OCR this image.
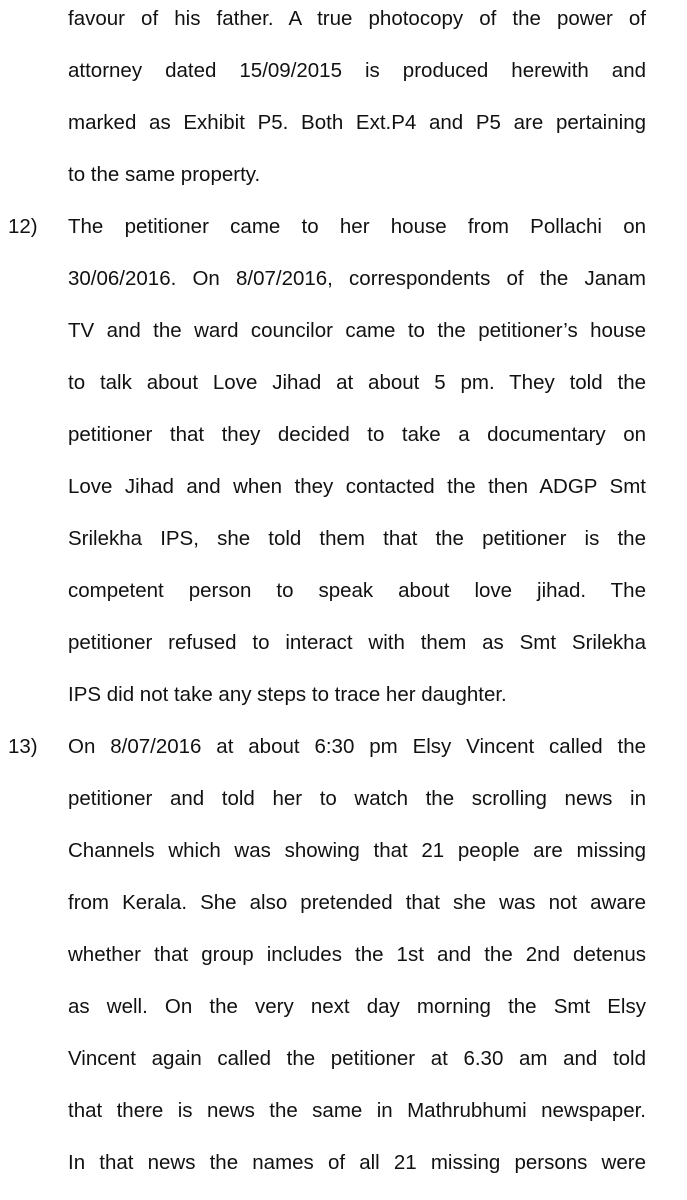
favour of his father. A true photocopy of the power of
attorney dated 15/09/2015 is produced herewith and
marked as Exhibit P5. Both Ext.P4 and P5 are pertaining
to the same property.
12)	The petitioner came to her house from Pollachi on
30/06/2016. On 8/07/2016, correspondents of the Janam
TV and the ward councilor came to the petitioner’s house
to talk about Love Jihad at about 5 pm. They told the
petitioner that they decided to take a documentary on
Love Jihad and when they contacted the then ADGP Smt
Srilekha IPS, she told them that the petitioner is the
competent person to speak about love jihad. The
petitioner refused to interact with them as Smt Srilekha
IPS did not take any steps to trace her daughter.
13)	On 8/07/2016 at about 6:30 pm Elsy Vincent called the
petitioner and told her to watch the scrolling news in
Channels which was showing that 21 people are missing
from Kerala. She also pretended that she was not aware
whether that group includes the 1st and the 2nd detenus
as well. On the very next day morning the Smt Elsy
Vincent again called the petitioner at 6.30 am and told
that there is news the same in Mathrubhumi newspaper.
In that news the names of all 21 missing persons were
